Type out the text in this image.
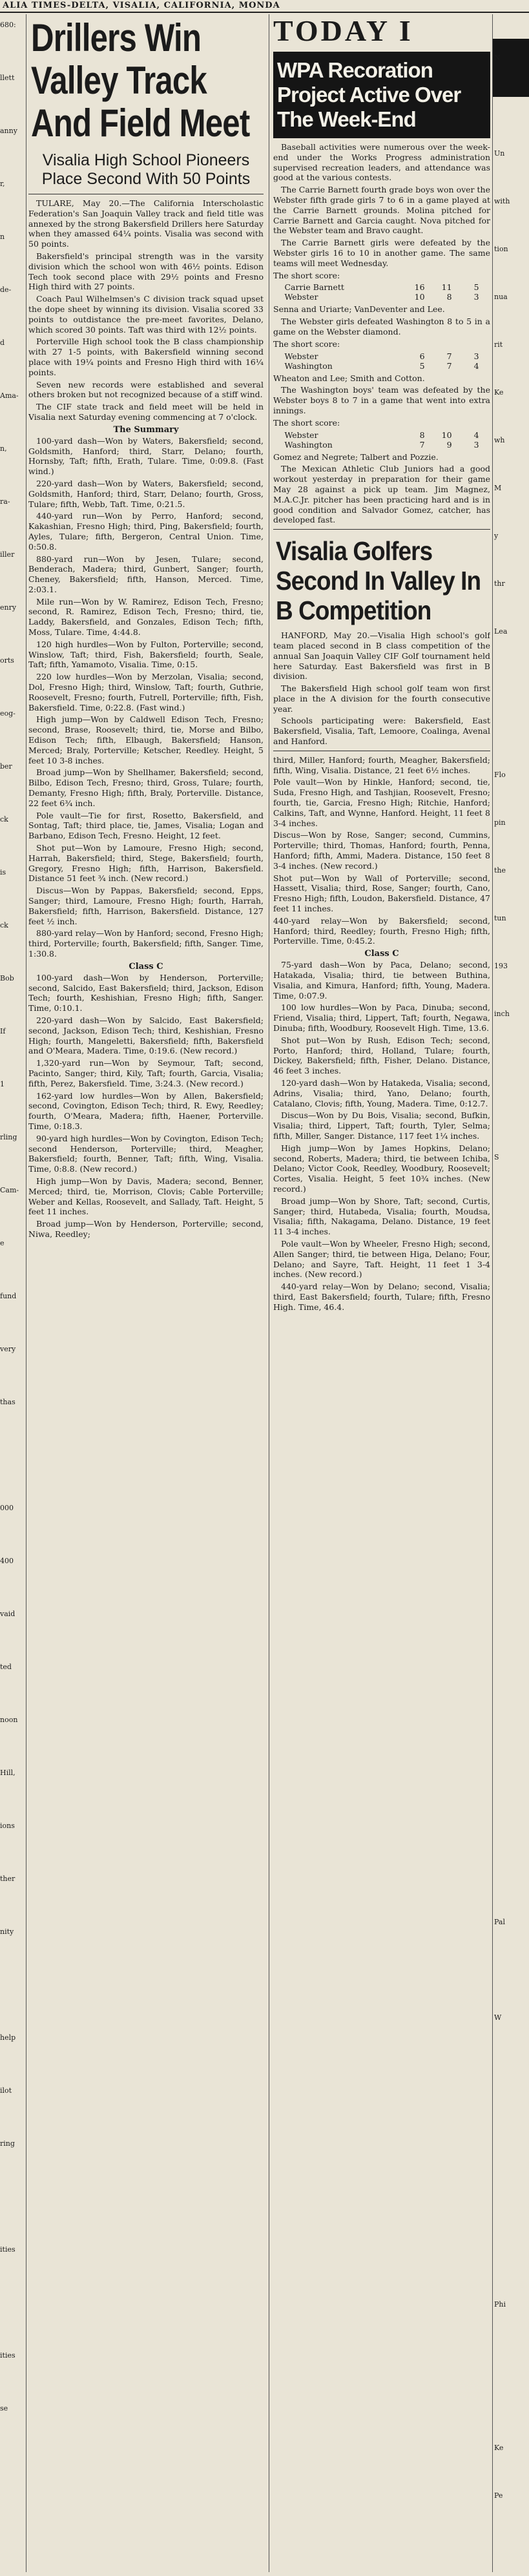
ALIA TIMES-DELTA, VISALIA, CALIFORNIA, MONDA
680:
llett
anny
r,
n
de-
d
Ama-
n,
ra-
iller
enry
orts
eog-
ber
ck
is
ck
Bob
If
1
rling
Cam-
e
fund
very
thas
000
400
vaid
ted
noon
Hill,
ions
ther
nity
help
ilot
ring
ities
ities
se
Drillers Win Valley Track And Field Meet
Visalia High School Pioneers Place Second With 50 Points

TULARE, May 20.—The California Interscholastic Federation's San Joaquin Valley track and field title was annexed by the strong Bakersfield Drillers here Saturday when they amassed 64¼ points. Visalia was second with 50 points.

Bakersfield's principal strength was in the varsity division which the school won with 46½ points. Edison Tech took second place with 29½ points and Fresno High third with 27 points.

Coach Paul Wilhelmsen's C division track squad upset the dope sheet by winning its division. Visalia scored 33 points to outdistance the pre-meet favorites, Delano, which scored 30 points. Taft was third with 12½ points.

Porterville High school took the B class championship with 27 1-5 points, with Bakersfield winning second place with 19¼ points and Fresno High third with 16¼ points.

Seven new records were established and several others broken but not recognized because of a stiff wind.

The CIF state track and field meet will be held in Visalia next Saturday evening commencing at 7 o'clock.

The Summary

100-yard dash—Won by Waters, Bakersfield; second, Goldsmith, Hanford; third, Starr, Delano; fourth, Hornsby, Taft; fifth, Erath, Tulare. Time, 0:09.8. (Fast wind.)

220-yard dash—Won by Waters, Bakersfield; second, Goldsmith, Hanford; third, Starr, Delano; fourth, Gross, Tulare; fifth, Webb, Taft. Time, 0:21.5.

440-yard run—Won by Perro, Hanford; second, Kakashian, Fresno High; third, Ping, Bakersfield; fourth, Ayles, Tulare; fifth, Bergeron, Central Union. Time, 0:50.8.

880-yard run—Won by Jesen, Tulare; second, Benderach, Madera; third, Gunbert, Sanger; fourth, Cheney, Bakersfield; fifth, Hanson, Merced. Time, 2:03.1.

Mile run—Won by W. Ramirez, Edison Tech, Fresno; second, R. Ramirez, Edison Tech, Fresno; third, tie, Laddy, Bakersfield, and Gonzales, Edison Tech; fifth, Moss, Tulare. Time, 4:44.8.

120 high hurdles—Won by Fulton, Porterville; second, Winslow, Taft; third, Fish, Bakersfield; fourth, Seale, Taft; fifth, Yamamoto, Visalia. Time, 0:15.

220 low hurdles—Won by Merzolan, Visalia; second, Dol, Fresno High; third, Winslow, Taft; fourth, Guthrie, Roosevelt, Fresno; fourth, Futrell, Porterville; fifth, Fish, Bakersfield. Time, 0:22.8. (Fast wind.)

High jump—Won by Caldwell Edison Tech, Fresno; second, Brase, Roosevelt; third, tie, Morse and Bilbo, Edison Tech; fifth, Elbaugh, Bakersfield; Hanson, Merced; Braly, Porterville; Ketscher, Reedley. Height, 5 feet 10 3-8 inches.

Broad jump—Won by Shellhamer, Bakersfield; second, Bilbo, Edison Tech, Fresno; third, Gross, Tulare; fourth, Demanty, Fresno High; fifth, Braly, Porterville. Distance, 22 feet 6¾ inch.

Pole vault—Tie for first, Rosetto, Bakersfield, and Sontag, Taft; third place, tie, James, Visalia; Logan and Barbano, Edison Tech, Fresno. Height, 12 feet.

Shot put—Won by Lamoure, Fresno High; second, Harrah, Bakersfield; third, Stege, Bakersfield; fourth, Gregory, Fresno High; fifth, Harrison, Bakersfield. Distance 51 feet ¾ inch. (New record.)

Discus—Won by Pappas, Bakersfield; second, Epps, Sanger; third, Lamoure, Fresno High; fourth, Harrah, Bakersfield; fifth, Harrison, Bakersfield. Distance, 127 feet ½ inch.

880-yard relay—Won by Hanford; second, Fresno High; third, Porterville; fourth, Bakersfield; fifth, Sanger. Time, 1:30.8.

Class C

100-yard dash—Won by Henderson, Porterville; second, Salcido, East Bakersfield; third, Jackson, Edison Tech; fourth, Keshishian, Fresno High; fifth, Sanger. Time, 0:10.1.

220-yard dash—Won by Salcido, East Bakersfield; second, Jackson, Edison Tech; third, Keshishian, Fresno High; fourth, Mangeletti, Bakersfield; fifth, Bakersfield and O'Meara, Madera. Time, 0:19.6. (New record.)

1,320-yard run—Won by Seymour, Taft; second, Pacinto, Sanger; third, Kily, Taft; fourth, Garcia, Visalia; fifth, Perez, Bakersfield. Time, 3:24.3. (New record.)

162-yard low hurdles—Won by Allen, Bakersfield; second, Covington, Edison Tech; third, R. Ewy, Reedley; fourth, O'Meara, Madera; fifth, Haener, Porterville. Time, 0:18.3.

90-yard high hurdles—Won by Covington, Edison Tech; second Henderson, Porterville; third, Meagher, Bakersfield; fourth, Benner, Taft; fifth, Wing, Visalia. Time, 0:8.8. (New record.)

High jump—Won by Davis, Madera; second, Benner, Merced; third, tie, Morrison, Clovis; Cable Porterville; Weber and Kellas, Roosevelt, and Sallady, Taft. Height, 5 feet 11 inches.

Broad jump—Won by Henderson, Porterville; second, Niwa, Reedley;

TODAY I
WPA Recoration Project Active Over The Week-End

Baseball activities were numerous over the week-end under the Works Progress administration supervised recreation leaders, and attendance was good at the various contests.

The Carrie Barnett fourth grade boys won over the Webster fifth grade girls 7 to 6 in a game played at the Carrie Barnett grounds. Molina pitched for Carrie Barnett and Garcia caught. Nova pitched for the Webster team and Bravo caught.

The Carrie Barnett girls were defeated by the Webster girls 16 to 10 in another game. The same teams will meet Wednesday.

The short score:

Carrie Barnett	16	11	5
Webster	10	8	3

Senna and Uriarte; VanDeventer and Lee.

The Webster girls defeated Washington 8 to 5 in a game on the Webster diamond.

The short score:

Webster	6	7	3
Washington	5	7	4

Wheaton and Lee; Smith and Cotton.

The Washington boys' team was defeated by the Webster boys 8 to 7 in a game that went into extra innings.

The short score:

Webster	8	10	4
Washington	7	9	3

Gomez and Negrete; Talbert and Pozzie.

The Mexican Athletic Club Juniors had a good workout yesterday in preparation for their game May 28 against a pick up team. Jim Magnez, M.A.C.Jr. pitcher has been practicing hard and is in good condition and Salvador Gomez, catcher, has developed fast.

Visalia Golfers Second In Valley In B Competition

HANFORD, May 20.—Visalia High school's golf team placed second in B class competition of the annual San Joaquin Valley CIF Golf tournament held here Saturday. East Bakersfield was first in B division.

The Bakersfield High school golf team won first place in the A division for the fourth consecutive year.

Schools participating were: Bakersfield, East Bakersfield, Visalia, Taft, Lemoore, Coalinga, Avenal and Hanford.

third, Miller, Hanford; fourth, Meagher, Bakersfield; fifth, Wing, Visalia. Distance, 21 feet 6½ inches.

Pole vault—Won by Hinkle, Hanford; second, tie, Suda, Fresno High, and Tashjian, Roosevelt, Fresno; fourth, tie, Garcia, Fresno High; Ritchie, Hanford; Calkins, Taft, and Wynne, Hanford. Height, 11 feet 8 3-4 inches.

Discus—Won by Rose, Sanger; second, Cummins, Porterville; third, Thomas, Hanford; fourth, Penna, Hanford; fifth, Ammi, Madera. Distance, 150 feet 8 3-4 inches. (New record.)

Shot put—Won by Wall of Porterville; second, Hassett, Visalia; third, Rose, Sanger; fourth, Cano, Fresno High; fifth, Loudon, Bakersfield. Distance, 47 feet 11 inches.

440-yard relay—Won by Bakersfield; second, Hanford; third, Reedley; fourth, Fresno High; fifth, Porterville. Time, 0:45.2.

Class C

75-yard dash—Won by Paca, Delano; second, Hatakada, Visalia; third, tie between Buthina, Visalia, and Kimura, Hanford; fifth, Young, Madera. Time, 0:07.9.

100 low hurdles—Won by Paca, Dinuba; second, Friend, Visalia; third, Lippert, Taft; fourth, Negawa, Dinuba; fifth, Woodbury, Roosevelt High. Time, 13.6.

Shot put—Won by Rush, Edison Tech; second, Porto, Hanford; third, Holland, Tulare; fourth, Dickey, Bakersfield; fifth, Fisher, Delano. Distance, 46 feet 3 inches.

120-yard dash—Won by Hatakeda, Visalia; second, Adrins, Visalia; third, Yano, Delano; fourth, Catalano, Clovis; fifth, Young, Madera. Time, 0:12.7.

Discus—Won by Du Bois, Visalia; second, Bufkin, Visalia; third, Lippert, Taft; fourth, Tyler, Selma; fifth, Miller, Sanger. Distance, 117 feet 1¼ inches.

High jump—Won by James Hopkins, Delano; second, Roberts, Madera; third, tie between Ichiba, Delano; Victor Cook, Reedley, Woodbury, Roosevelt; Cortes, Visalia. Height, 5 feet 10¾ inches. (New record.)

Broad jump—Won by Shore, Taft; second, Curtis, Sanger; third, Hutabeda, Visalia; fourth, Moudsa, Visalia; fifth, Nakagama, Delano. Distance, 19 feet 11 3-4 inches.

Pole vault—Won by Wheeler, Fresno High; second, Allen Sanger; third, tie between Higa, Delano; Four, Delano; and Sayre, Taft. Height, 11 feet 1 3-4 inches. (New record.)

440-yard relay—Won by Delano; second, Visalia; third, East Bakersfield; fourth, Tulare; fifth, Fresno High. Time, 46.4.

N
Un
with
tion
nua
rit
Ke
wh
M
y
thr
Lea
Flo
pin
the
tun
193
inch
S
Pal
W
Phi
Ke
Pe
